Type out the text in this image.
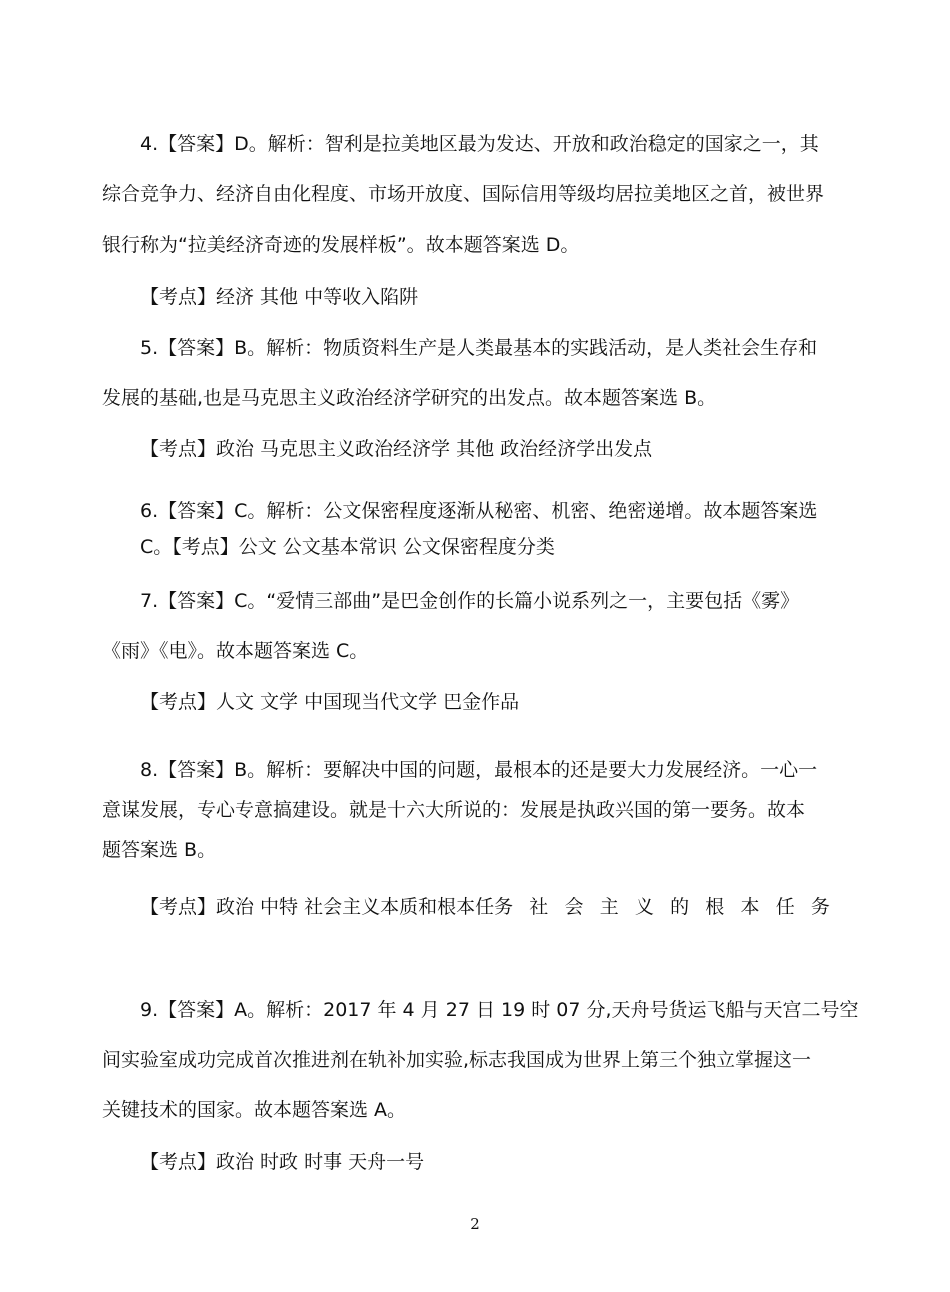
4.【答案】D。解析：智利是拉美地区最为发达、开放和政治稳定的国家之一，其

综合竞争力、经济自由化程度、市场开放度、国际信用等级均居拉美地区之首，被世界

银行称为“拉美经济奇迹的发展样板”。故本题答案选 D。

【考点】经济 其他 中等收入陷阱

5.【答案】B。解析：物质资料生产是人类最基本的实践活动，是人类社会生存和

发展的基础,也是马克思主义政治经济学研究的出发点。故本题答案选 B。

【考点】政治 马克思主义政治经济学 其他 政治经济学出发点

6.【答案】C。解析：公文保密程度逐渐从秘密、机密、绝密递增。故本题答案选

C。【考点】公文 公文基本常识 公文保密程度分类

7.【答案】C。“爱情三部曲”是巴金创作的长篇小说系列之一，主要包括《雾》

《雨》《电》。故本题答案选 C。

【考点】人文 文学 中国现当代文学 巴金作品

8.【答案】B。解析：要解决中国的问题，最根本的还是要大力发展经济。一心一

意谋发展，专心专意搞建设。就是十六大所说的：发展是执政兴国的第一要务。故本

题答案选 B。

【考点】政治 中特 社会主义本质和根本任务 社 会 主 义 的 根 本 任 务

9.【答案】A。解析：2017 年 4 月 27 日 19 时 07 分,天舟号货运飞船与天宫二号空

间实验室成功完成首次推进剂在轨补加实验,标志我国成为世界上第三个独立掌握这一

关键技术的国家。故本题答案选 A。

【考点】政治 时政 时事 天舟一号

2
